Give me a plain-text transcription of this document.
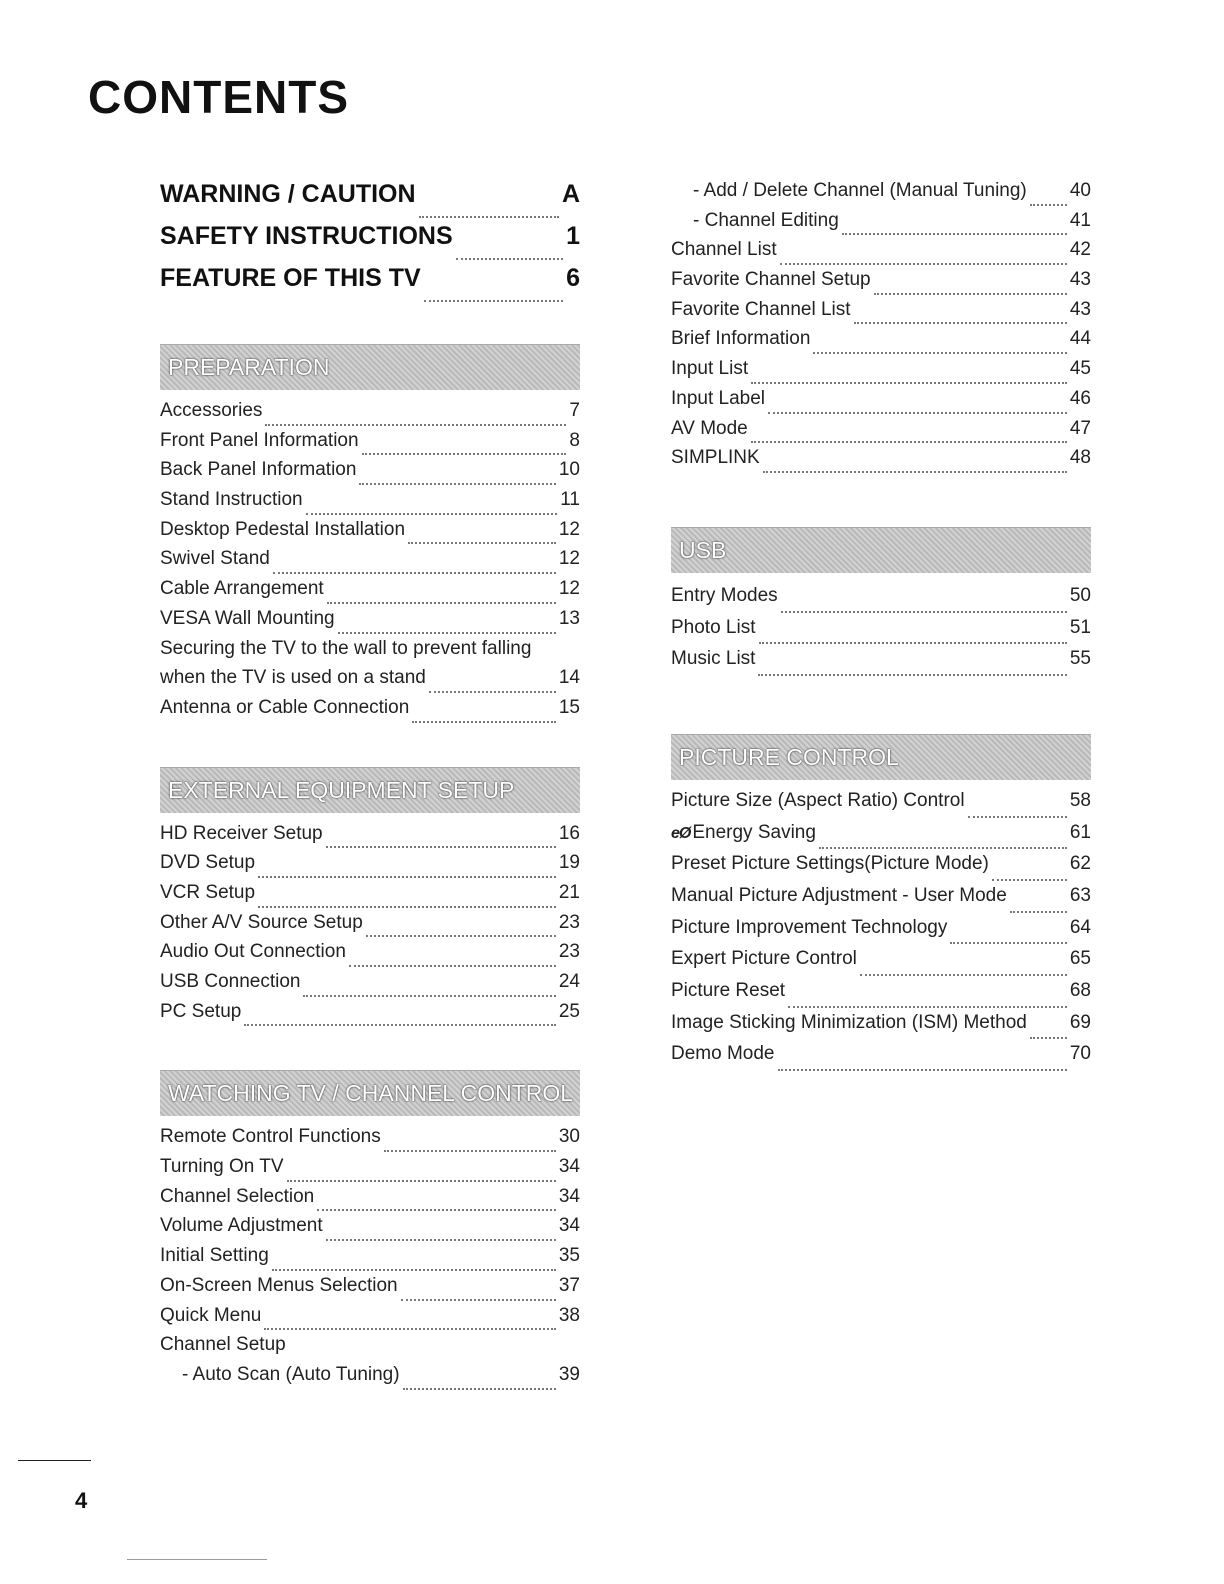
CONTENTS
WARNING / CAUTION	A
SAFETY INSTRUCTIONS	1
FEATURE OF THIS TV	6
PREPARATION
Accessories	7
Front Panel Information	8
Back Panel Information	10
Stand Instruction	11
Desktop Pedestal Installation	12
Swivel Stand	12
Cable Arrangement	12
VESA Wall Mounting	13
Securing the TV to the wall to prevent falling
when the TV is used on a stand	14
Antenna or Cable Connection	15
EXTERNAL EQUIPMENT SETUP
HD Receiver Setup	16
DVD Setup	19
VCR Setup	21
Other A/V Source Setup	23
Audio Out Connection	23
USB Connection	24
PC Setup	25
WATCHING TV / CHANNEL CONTROL
Remote Control Functions	30
Turning On TV	34
Channel Selection	34
Volume Adjustment	34
Initial Setting	35
On-Screen Menus Selection	37
Quick Menu	38
Channel Setup
- Auto Scan (Auto Tuning)	39
- Add / Delete Channel (Manual Tuning) 40
- Channel Editing	41
Channel List	42
Favorite Channel Setup	43
Favorite Channel List	43
Brief Information	44
Input List	45
Input Label	46
AV Mode	47
SIMPLINK	48
USB
Entry Modes	50
Photo List	51
Music List	55
PICTURE CONTROL
Picture Size (Aspect Ratio) Control	58
eØ Energy Saving	61
Preset Picture Settings(Picture Mode)	62
Manual Picture Adjustment - User Mode	63
Picture Improvement Technology	64
Expert Picture Control	65
Picture Reset	68
Image Sticking Minimization (ISM) Method 69
Demo Mode	70
4
